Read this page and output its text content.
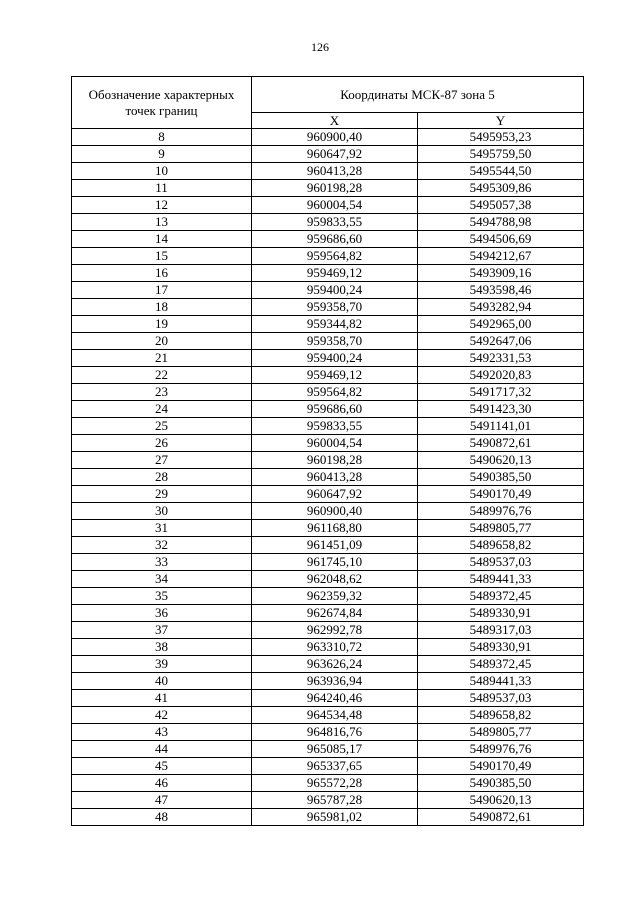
126
Обозначение характерных точек границ	Координаты МСК-87 зона 5	
	X	Y
8	960900,40	5495953,23
9	960647,92	5495759,50
10	960413,28	5495544,50
11	960198,28	5495309,86
12	960004,54	5495057,38
13	959833,55	5494788,98
14	959686,60	5494506,69
15	959564,82	5494212,67
16	959469,12	5493909,16
17	959400,24	5493598,46
18	959358,70	5493282,94
19	959344,82	5492965,00
20	959358,70	5492647,06
21	959400,24	5492331,53
22	959469,12	5492020,83
23	959564,82	5491717,32
24	959686,60	5491423,30
25	959833,55	5491141,01
26	960004,54	5490872,61
27	960198,28	5490620,13
28	960413,28	5490385,50
29	960647,92	5490170,49
30	960900,40	5489976,76
31	961168,80	5489805,77
32	961451,09	5489658,82
33	961745,10	5489537,03
34	962048,62	5489441,33
35	962359,32	5489372,45
36	962674,84	5489330,91
37	962992,78	5489317,03
38	963310,72	5489330,91
39	963626,24	5489372,45
40	963936,94	5489441,33
41	964240,46	5489537,03
42	964534,48	5489658,82
43	964816,76	5489805,77
44	965085,17	5489976,76
45	965337,65	5490170,49
46	965572,28	5490385,50
47	965787,28	5490620,13
48	965981,02	5490872,61
